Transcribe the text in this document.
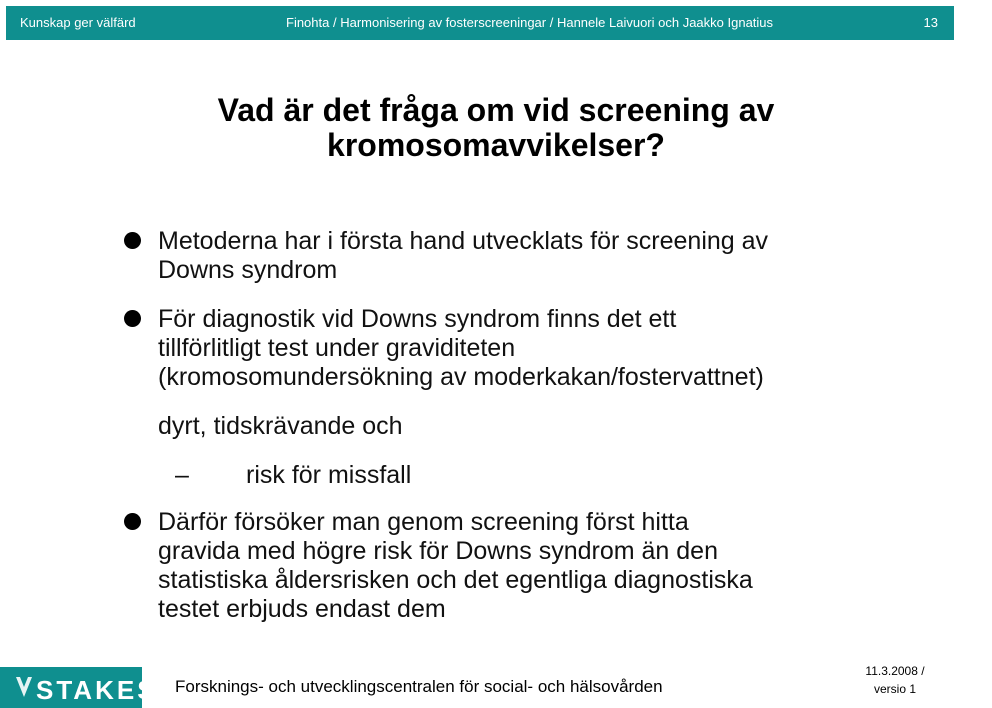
Kunskap ger välfärd	Finohta / Harmonisering av fosterscreeningar / Hannele Laivuori och Jaakko Ignatius	13
Vad är det fråga om vid screening av
kromosomavvikelser?
Metoderna har i första hand utvecklats för screening av
Downs syndrom
För diagnostik vid Downs syndrom finns det ett
tillförlitligt test under graviditeten
(kromosomundersökning av moderkakan/fostervattnet)
dyrt, tidskrävande och
– risk för missfall
Därför försöker man genom screening först hitta
gravida med högre risk för Downs syndrom än den
statistiska åldersrisken och det egentliga diagnostiska
testet erbjuds endast dem
STAKES Forsknings- och utvecklingscentralen för social- och hälsovården
11.3.2008 /
versio 1
